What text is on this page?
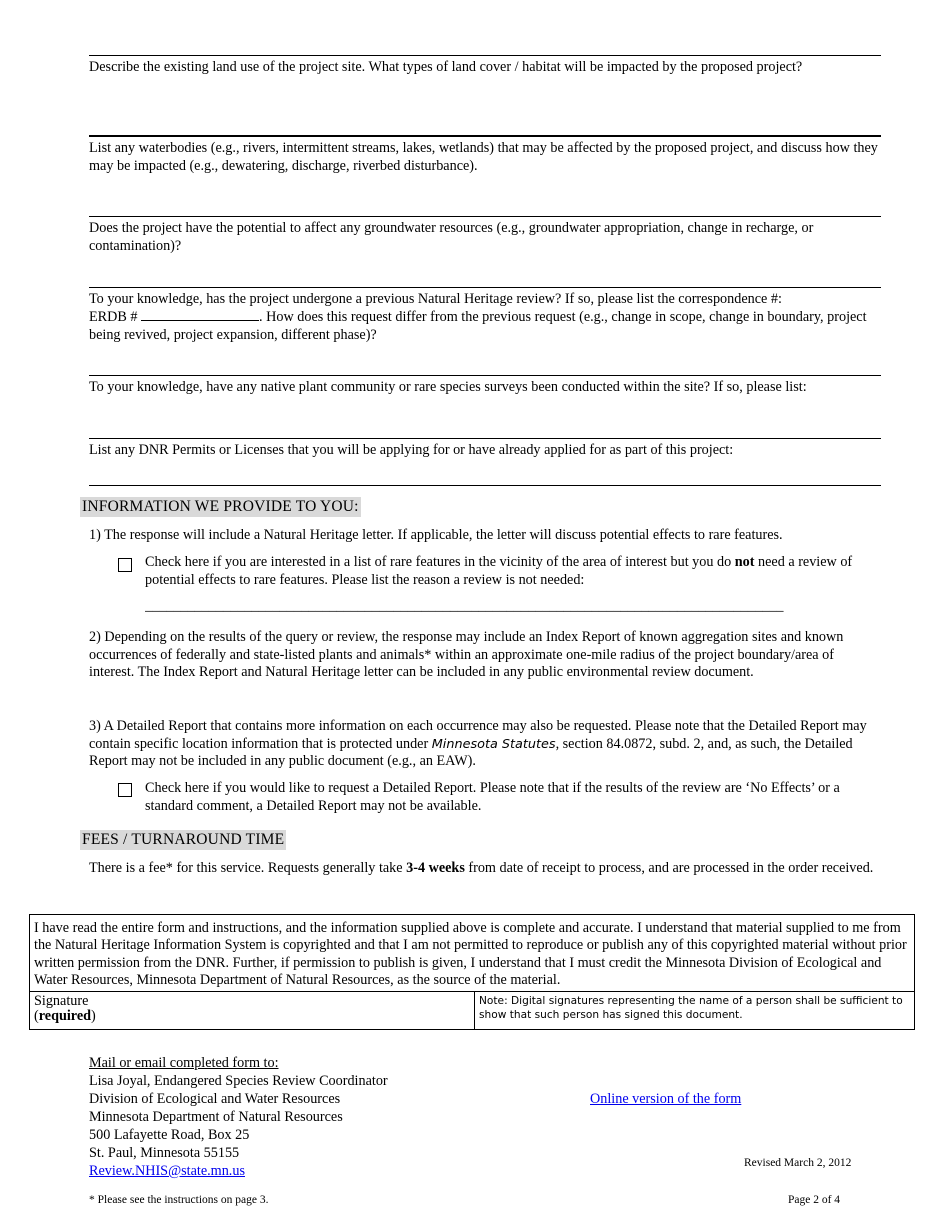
Describe the existing land use of the project site. What types of land cover / habitat will be impacted by the proposed project?
List any waterbodies (e.g., rivers, intermittent streams, lakes, wetlands) that may be affected by the proposed project, and discuss how they may be impacted (e.g., dewatering, discharge, riverbed disturbance).
Does the project have the potential to affect any groundwater resources (e.g., groundwater appropriation, change in recharge, or contamination)?
To your knowledge, has the project undergone a previous Natural Heritage review? If so, please list the correspondence #:
ERDB #	. How does this request differ from the previous request (e.g., change in scope, change in boundary, project being revived, project expansion, different phase)?
To your knowledge, have any native plant community or rare species surveys been conducted within the site? If so, please list:
List any DNR Permits or Licenses that you will be applying for or have already applied for as part of this project:
INFORMATION WE PROVIDE TO YOU:
1) The response will include a Natural Heritage letter. If applicable, the letter will discuss potential effects to rare features.
Check here if you are interested in a list of rare features in the vicinity of the area of interest but you do not need a review of potential effects to rare features. Please list the reason a review is not needed:
__________________________________________________________________________________________
2) Depending on the results of the query or review, the response may include an Index Report of known aggregation sites and known occurrences of federally and state-listed plants and animals* within an approximate one-mile radius of the project boundary/area of interest. The Index Report and Natural Heritage letter can be included in any public environmental review document.
3) A Detailed Report that contains more information on each occurrence may also be requested. Please note that the Detailed Report may contain specific location information that is protected under Minnesota Statutes, section 84.0872, subd. 2, and, as such, the Detailed Report may not be included in any public document (e.g., an EAW).
Check here if you would like to request a Detailed Report. Please note that if the results of the review are ‘No Effects’ or a standard comment, a Detailed Report may not be available.
FEES / TURNAROUND TIME
There is a fee* for this service. Requests generally take 3-4 weeks from date of receipt to process, and are processed in the order received.
I have read the entire form and instructions, and the information supplied above is complete and accurate. I understand that material supplied to me from the Natural Heritage Information System is copyrighted and that I am not permitted to reproduce or publish any of this copyrighted material without prior written permission from the DNR. Further, if permission to publish is given, I understand that I must credit the Minnesota Division of Ecological and Water Resources, Minnesota Department of Natural Resources, as the source of the material.
Signature
(required)	Note: Digital signatures representing the name of a person shall be sufficient to show that such person has signed this document.
Mail or email completed form to:
Lisa Joyal, Endangered Species Review Coordinator
Division of Ecological and Water Resources
Minnesota Department of Natural Resources
500 Lafayette Road, Box 25
St. Paul, Minnesota 55155
Review.NHIS@state.mn.us
Online version of the form
Revised March 2, 2012
* Please see the instructions on page 3.	Page 2 of 4
